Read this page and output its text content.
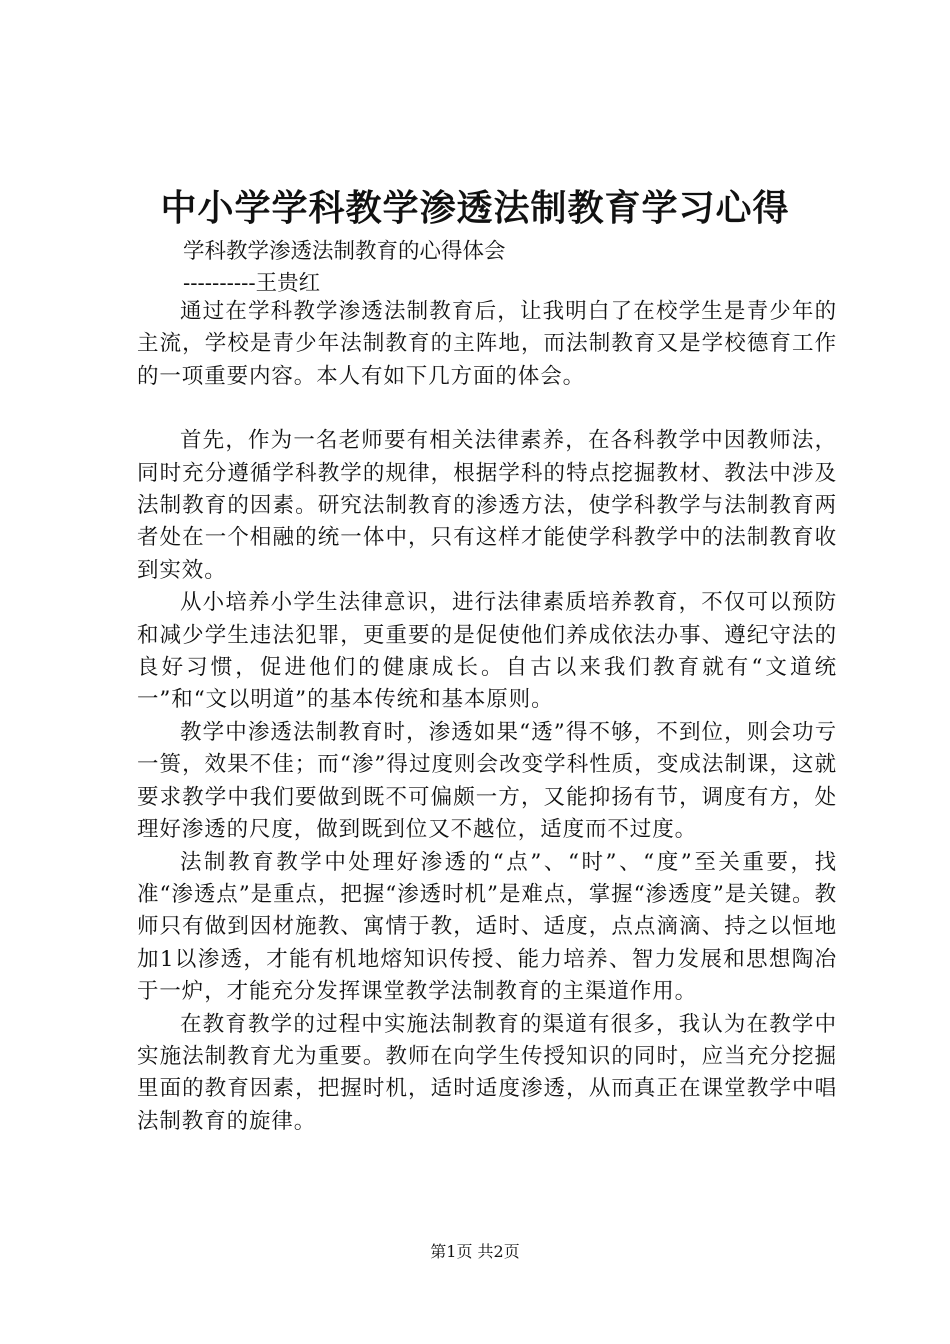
中小学学科教学渗透法制教育学习心得

学科教学渗透法制教育的心得体会

----------王贵红

通过在学科教学渗透法制教育后，让我明白了在校学生是青少年的主流，学校是青少年法制教育的主阵地，而法制教育又是学校德育工作的一项重要内容。本人有如下几方面的体会。

首先，作为一名老师要有相关法律素养，在各科教学中因教师法，同时充分遵循学科教学的规律，根据学科的特点挖掘教材、教法中涉及法制教育的因素。研究法制教育的渗透方法，使学科教学与法制教育两者处在一个相融的统一体中，只有这样才能使学科教学中的法制教育收到实效。

从小培养小学生法律意识，进行法律素质培养教育，不仅可以预防和减少学生违法犯罪，更重要的是促使他们养成依法办事、遵纪守法的良好习惯，促进他们的健康成长。自古以来我们教育就有“文道统一”和“文以明道”的基本传统和基本原则。

教学中渗透法制教育时，渗透如果“透”得不够，不到位，则会功亏一篑，效果不佳；而“渗”得过度则会改变学科性质，变成法制课，这就要求教学中我们要做到既不可偏颇一方，又能抑扬有节，调度有方，处理好渗透的尺度，做到既到位又不越位，适度而不过度。

法制教育教学中处理好渗透的“点”、“时”、“度”至关重要，找准“渗透点”是重点，把握“渗透时机”是难点，掌握“渗透度”是关键。教师只有做到因材施教、寓情于教，适时、适度，点点滴滴、持之以恒地加1以渗透，才能有机地熔知识传授、能力培养、智力发展和思想陶冶于一炉，才能充分发挥课堂教学法制教育的主渠道作用。

在教育教学的过程中实施法制教育的渠道有很多，我认为在教学中实施法制教育尤为重要。教师在向学生传授知识的同时，应当充分挖掘里面的教育因素，把握时机，适时适度渗透，从而真正在课堂教学中唱法制教育的旋律。

第1页 共2页
